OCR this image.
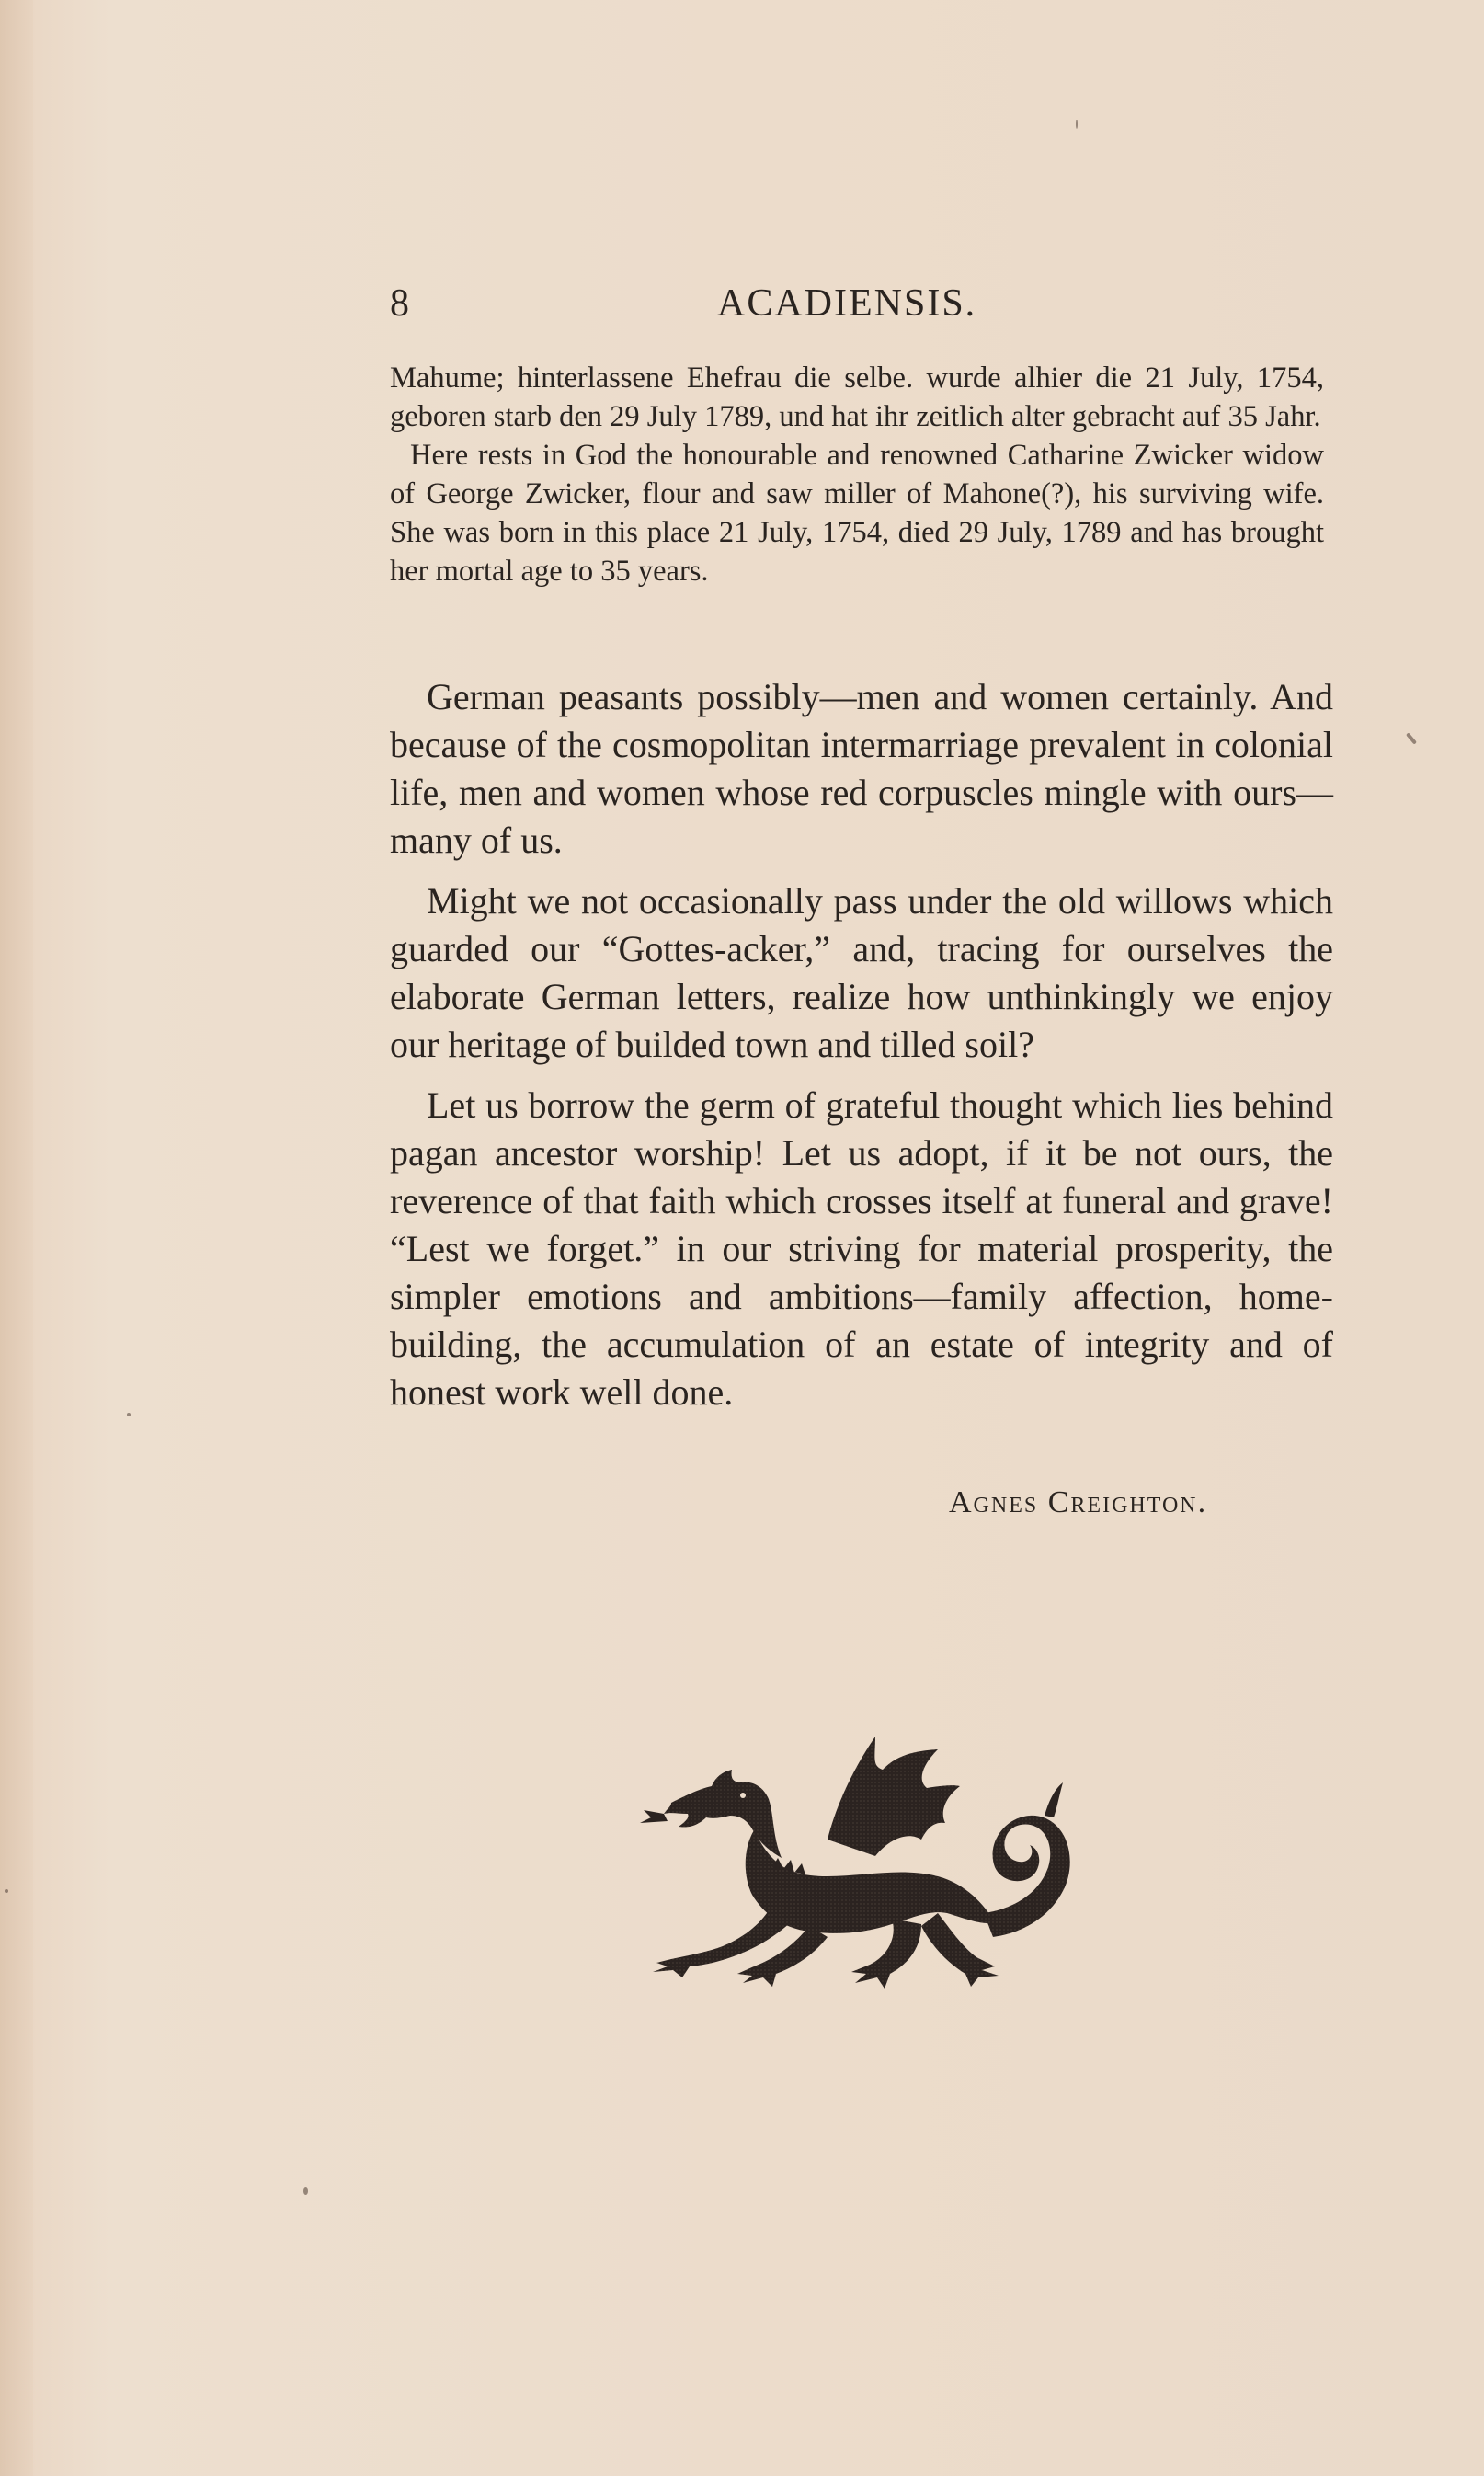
8	ACADIENSIS.

Mahume; hinterlassene Ehefrau die selbe. wurde alhier die 21 July, 1754, geboren starb den 29 July 1789, und hat ihr zeitlich alter gebracht auf 35 Jahr.

Here rests in God the honourable and renowned Catharine Zwicker widow of George Zwicker, flour and saw miller of Mahone(?), his surviving wife. She was born in this place 21 July, 1754, died 29 July, 1789 and has brought her mortal age to 35 years.

German peasants possibly—men and women certainly. And because of the cosmopolitan intermarriage prevalent in colonial life, men and women whose red corpuscles mingle with ours—many of us.

Might we not occasionally pass under the old willows which guarded our “Gottes-acker,” and, tracing for ourselves the elaborate German letters, realize how unthinkingly we enjoy our heritage of builded town and tilled soil?

Let us borrow the germ of grateful thought which lies behind pagan ancestor worship! Let us adopt, if it be not ours, the reverence of that faith which crosses itself at funeral and grave! “Lest we forget.” in our striving for material prosperity, the simpler emotions and ambitions—family affection, home-building, the accumulation of an estate of integrity and of honest work well done.

Agnes Creighton.
